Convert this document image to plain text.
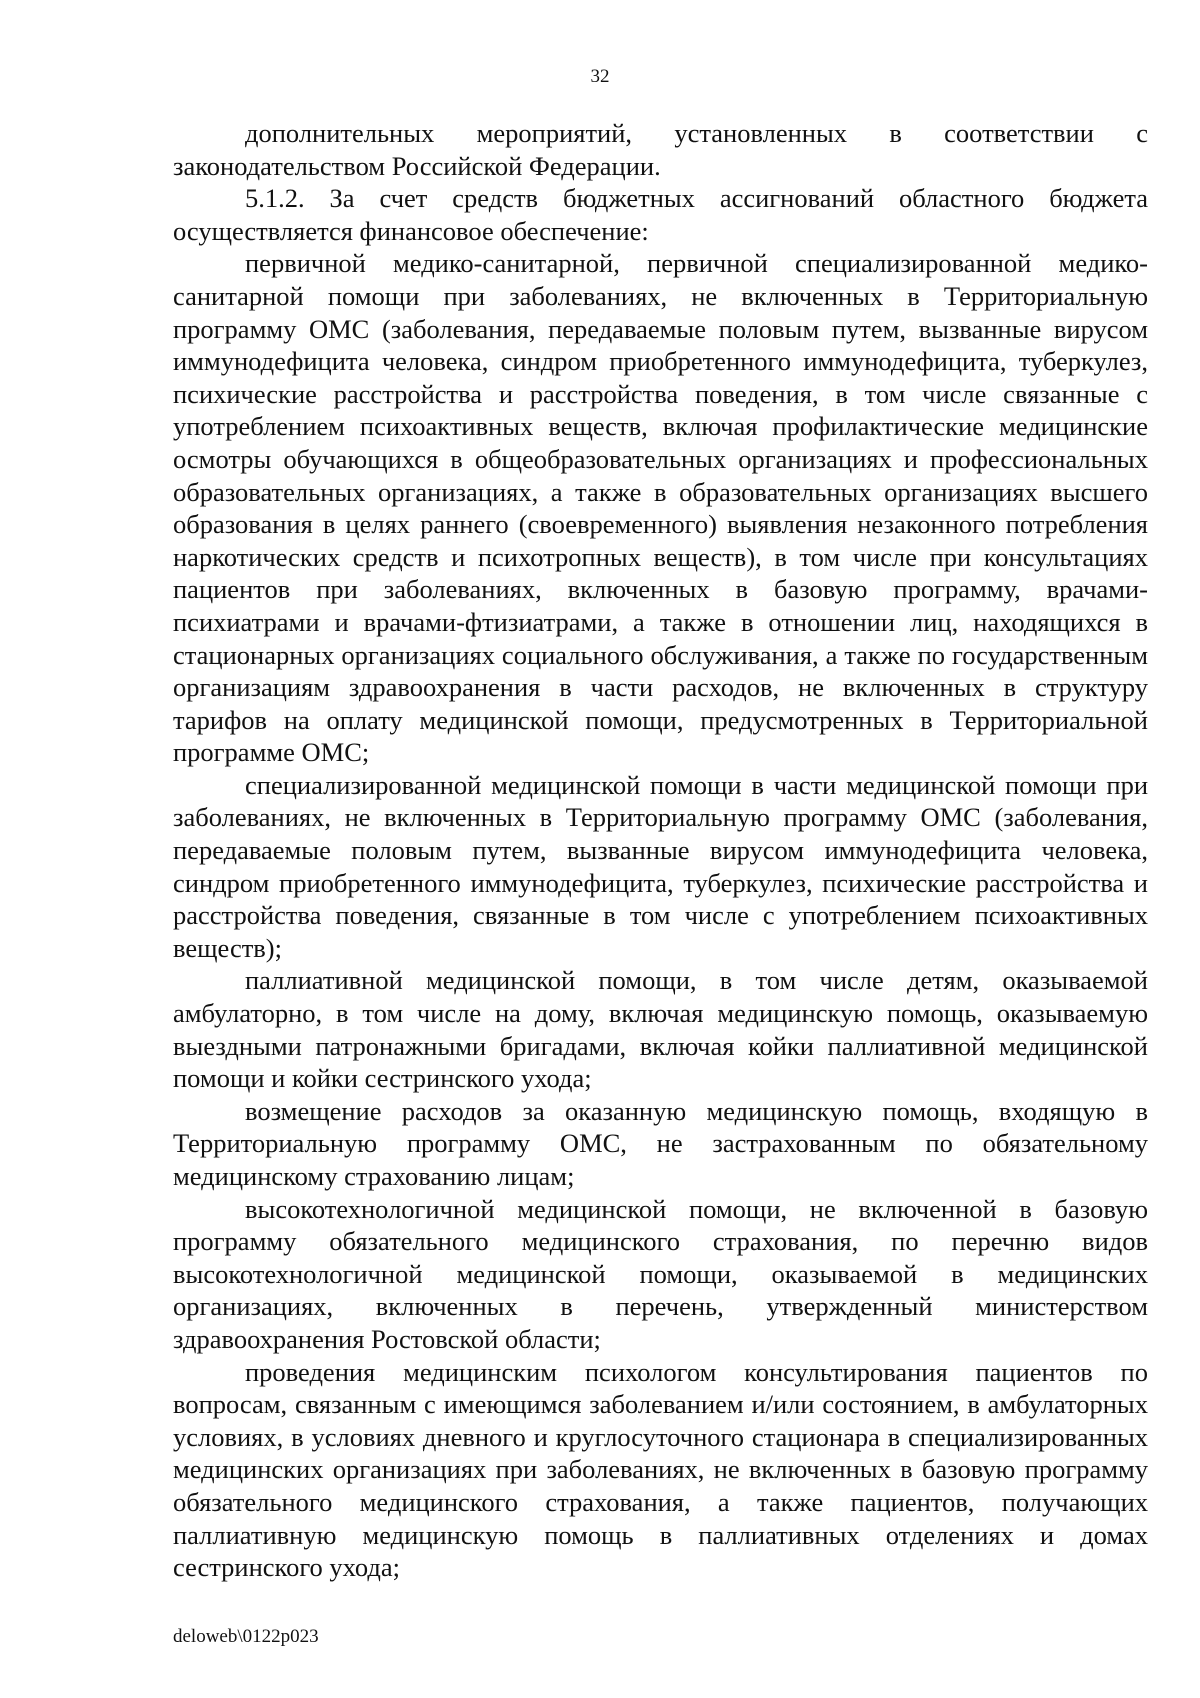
32

дополнительных мероприятий, установленных в соответствии с законодательством Российской Федерации.

5.1.2. За счет средств бюджетных ассигнований областного бюджета осуществляется финансовое обеспечение:

первичной медико-санитарной, первичной специализированной медико-санитарной помощи при заболеваниях, не включенных в Территориальную программу ОМС (заболевания, передаваемые половым путем, вызванные вирусом иммунодефицита человека, синдром приобретенного иммунодефицита, туберкулез, психические расстройства и расстройства поведения, в том числе связанные с употреблением психоактивных веществ, включая профилактические медицинские осмотры обучающихся в общеобразовательных организациях и профессиональных образовательных организациях, а также в образовательных организациях высшего образования в целях раннего (своевременного) выявления незаконного потребления наркотических средств и психотропных веществ), в том числе при консультациях пациентов при заболеваниях, включенных в базовую программу, врачами-психиатрами и врачами-фтизиатрами, а также в отношении лиц, находящихся в стационарных организациях социального обслуживания, а также по государственным организациям здравоохранения в части расходов, не включенных в структуру тарифов на оплату медицинской помощи, предусмотренных в Территориальной программе ОМС;

специализированной медицинской помощи в части медицинской помощи при заболеваниях, не включенных в Территориальную программу ОМС (заболевания, передаваемые половым путем, вызванные вирусом иммунодефицита человека, синдром приобретенного иммунодефицита, туберкулез, психические расстройства и расстройства поведения, связанные в том числе с употреблением психоактивных веществ);

паллиативной медицинской помощи, в том числе детям, оказываемой амбулаторно, в том числе на дому, включая медицинскую помощь, оказываемую выездными патронажными бригадами, включая койки паллиативной медицинской помощи и койки сестринского ухода;

возмещение расходов за оказанную медицинскую помощь, входящую в Территориальную программу ОМС, не застрахованным по обязательному медицинскому страхованию лицам;

высокотехнологичной медицинской помощи, не включенной в базовую программу обязательного медицинского страхования, по перечню видов высокотехнологичной медицинской помощи, оказываемой в медицинских организациях, включенных в перечень, утвержденный министерством здравоохранения Ростовской области;

проведения медицинским психологом консультирования пациентов по вопросам, связанным с имеющимся заболеванием и/или состоянием, в амбулаторных условиях, в условиях дневного и круглосуточного стационара в специализированных медицинских организациях при заболеваниях, не включенных в базовую программу обязательного медицинского страхования, а также пациентов, получающих паллиативную медицинскую помощь в паллиативных отделениях и домах сестринского ухода;

deloweb\0122p023
